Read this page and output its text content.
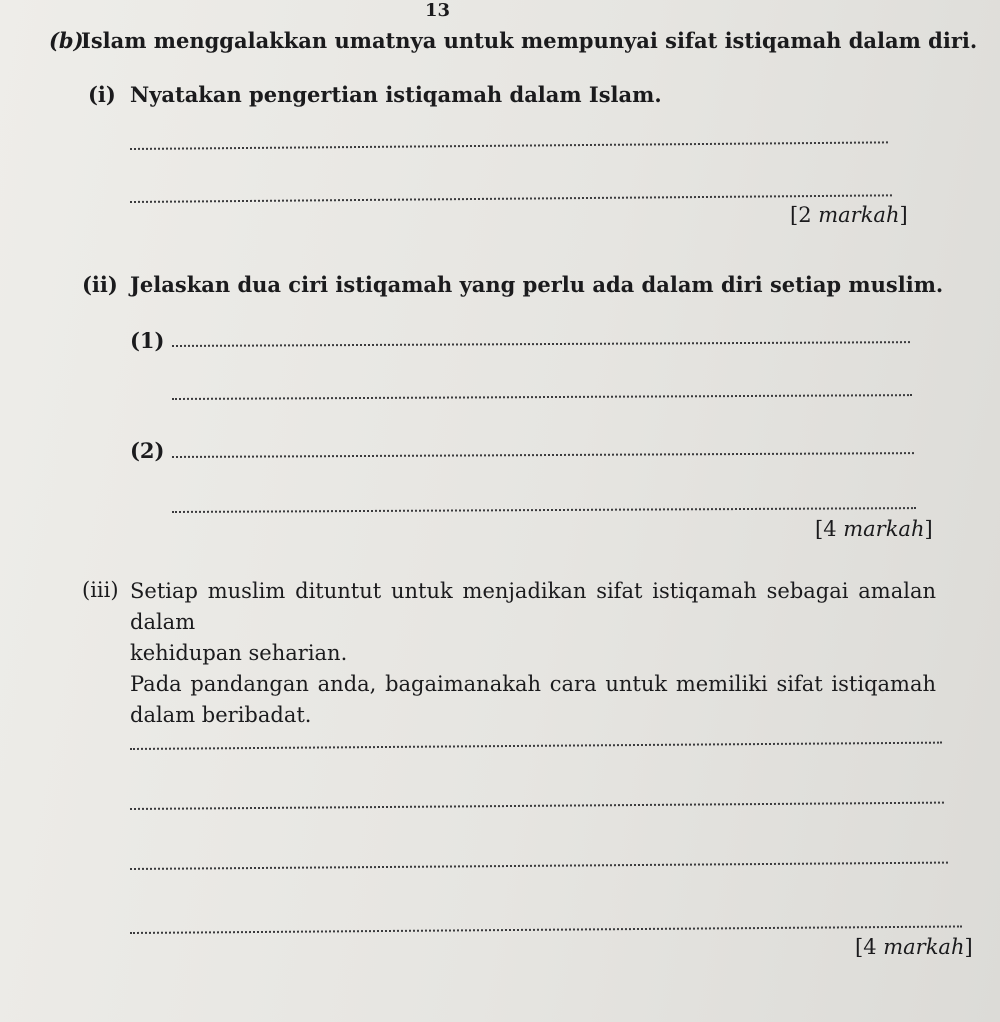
13
(b)
Islam menggalakkan umatnya untuk mempunyai sifat istiqamah dalam diri.
(i) Nyatakan pengertian istiqamah dalam Islam.
[2 markah]
(ii) Jelaskan dua ciri istiqamah yang perlu ada dalam diri setiap muslim.
(1)
(2)
[4 markah]
(iii) Setiap muslim dituntut untuk menjadikan sifat istiqamah sebagai amalan dalam
kehidupan seharian.
Pada pandangan anda, bagaimanakah cara untuk memiliki sifat istiqamah
dalam beribadat.
[4 markah]
